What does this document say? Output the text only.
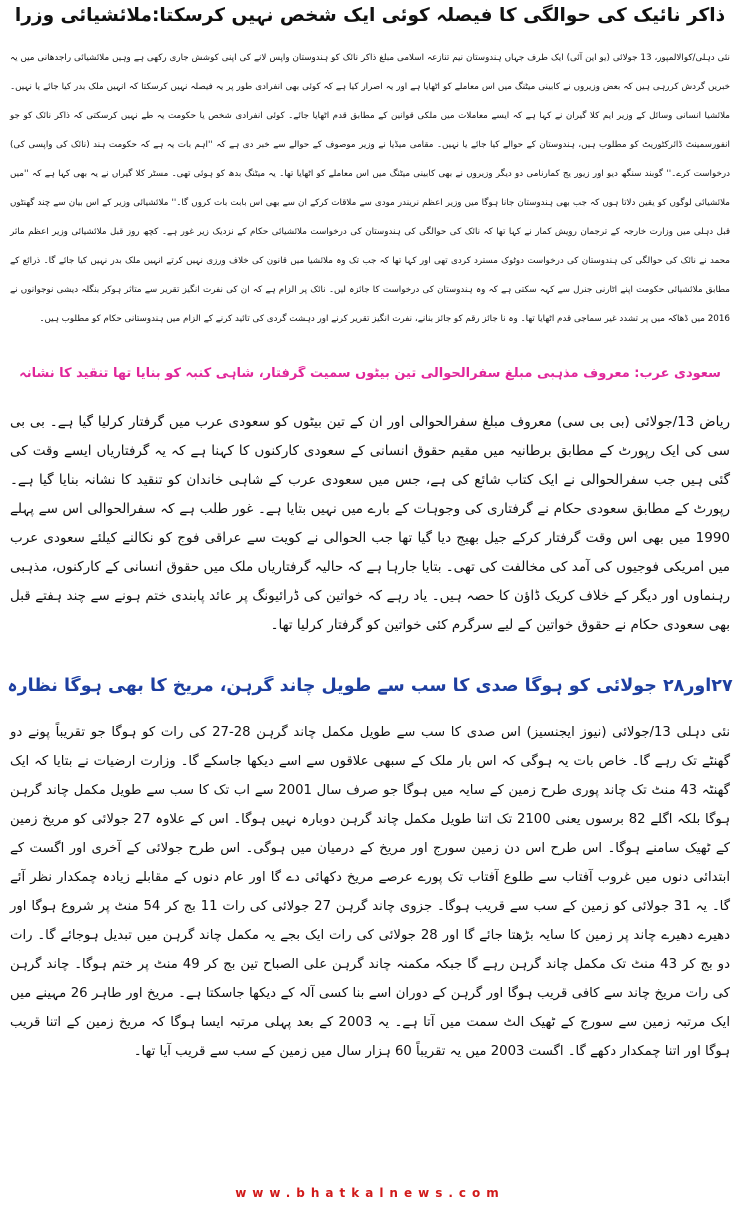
ذاکر نائیک کی حوالگی کا فیصلہ کوئی ایک شخص نہیں کرسکتا:ملائشیائی وزرا

نئی دہلی/کوالالمپور، 13 جولائی (یو این آئی) ایک طرف جہاں ہندوستان نیم تنازعہ اسلامی مبلغ ذاکر نائک کو ہندوستان واپس لانے کی اپنی کوشش جاری رکھی ہے وہیں ملائشیائی راجدھانی میں یہ خبریں گردش کررہی ہیں کہ بعض وزیروں نے کابینی میٹنگ میں اس معاملے کو اٹھایا ہے اور یہ اصرار کیا ہے کہ کوئی بھی انفرادی طور پر یہ فیصلہ نہیں کرسکتا کہ انہیں ملک بدر کیا جائے یا نہیں۔ ملائشیا انسانی وسائل کے وزیر ایم کلا گیران نے کہا ہے کہ ایسے معاملات میں ملکی قوانین کے مطابق قدم اٹھایا جائے۔ کوئی انفرادی شخص یا حکومت یہ طے نہیں کرسکتی کہ ذاکر نائک کو جو انفورسمینٹ ڈائرکٹوریٹ کو مطلوب ہیں، ہندوستان کے حوالے کیا جائے یا نہیں۔ مقامی میڈیا نے وزیر موصوف کے حوالے سے خبر دی ہے کہ ''اہم بات یہ ہے کہ حکومت ہند (نائک کی واپسی کی) درخواست کرے۔'' گوبند سنگھ دیو اور زیور یج کمارنامی دو دیگر وزیروں نے بھی کابینی میٹنگ میں اس معاملے کو اٹھایا تھا۔ یہ میٹنگ بدھ کو ہوئی تھی۔ مسٹر کلا گیراں نے یہ بھی کہا ہے کہ ''میں ملائشیائی لوگوں کو یقین دلاتا ہوں کہ جب بھی ہندوستان جانا ہوگا میں وزیر اعظم نریندر مودی سے ملاقات کرکے ان سے بھی اس بابت بات کروں گا۔'' ملائشیائی وزیر کے اس بیان سے چند گھنٹوں قبل دہلی میں وزارت خارجہ کے ترجمان رویش کمار نے کہا تھا کہ نائک کی حوالگی کی ہندوستان کی درخواست ملائشیائی حکام کے نزدیک زیر غور ہے۔ کچھ روز قبل ملائشیائی وزیر اعظم ماثر محمد نے نائک کی حوالگی کی ہندوستان کی درخواست دوٹوک مسترد کردی تھی اور کہا تھا کہ جب تک وہ ملائشیا میں قانون کی خلاف ورزی نہیں کرتے انہیں ملک بدر نہیں کیا جائے گا۔ ذرائع کے مطابق ملائشیائی حکومت اپنے اٹارنی جنرل سے کہہ سکتی ہے کہ وہ ہندوستان کی درخواست کا جائزہ لیں۔ نائک پر الزام ہے کہ ان کی نفرت انگیز تقریر سے متاثر ہوکر بنگلہ دیشی نوجوانوں نے 2016 میں ڈھاکہ میں پر تشدد غیر سماجی قدم اٹھایا تھا۔ وہ نا جائز رقم کو جائز بنانے، نفرت انگیز تقریر کرنے اور دہشت گردی کی تائید کرنے کے الزام میں ہندوستانی حکام کو مطلوب ہیں۔

سعودی عرب: معروف مذہبی مبلغ سفرالحوالی تین بیٹوں سمیت گرفتار، شاہی کنبہ کو بنایا تھا تنقید کا نشانہ

ریاض 13/جولائی (بی بی سی) معروف مبلغ سفرالحوالی اور ان کے تین بیٹوں کو سعودی عرب میں گرفتار کرلیا گیا ہے۔ بی بی سی کی ایک رپورٹ کے مطابق برطانیہ میں مقیم حقوق انسانی کے سعودی کارکنوں کا کہنا ہے کہ یہ گرفتاریاں ایسے وقت کی گئی ہیں جب سفرالحوالی نے ایک کتاب شائع کی ہے، جس میں سعودی عرب کے شاہی خاندان کو تنقید کا نشانہ بنایا گیا ہے۔ رپورٹ کے مطابق سعودی حکام نے گرفتاری کی وجوہات کے بارے میں نہیں بتایا ہے۔ غور طلب ہے کہ سفرالحوالی اس سے پہلے 1990 میں بھی اس وقت گرفتار کرکے جیل بھیج دیا گیا تھا جب الحوالی نے کویت سے عراقی فوج کو نکالنے کیلئے سعودی عرب میں امریکی فوجیوں کی آمد کی مخالفت کی تھی۔ بتایا جارہا ہے کہ حالیہ گرفتاریاں ملک میں حقوق انسانی کے کارکنوں، مذہبی رہنماوں اور دیگر کے خلاف کریک ڈاؤن کا حصہ ہیں۔ یاد رہے کہ خواتین کی ڈرائیونگ پر عائد پابندی ختم ہونے سے چند ہفتے قبل بھی سعودی حکام نے حقوق خواتین کے لیے سرگرم کئی خواتین کو گرفتار کرلیا تھا۔

۲۷اور۲۸ جولائی کو ہوگا صدی کا سب سے طویل چاند گرہن، مریخ کا بھی ہوگا نظارہ

نئی دہلی 13/جولائی (نیوز ایجنسیز) اس صدی کا سب سے طویل مکمل چاند گرہن 28-27 کی رات کو ہوگا جو تقریباً پونے دو گھنٹے تک رہے گا۔ خاص بات یہ ہوگی کہ اس بار ملک کے سبھی علاقوں سے اسے دیکھا جاسکے گا۔ وزارت ارضیات نے بتایا کہ ایک گھنٹہ 43 منٹ تک چاند پوری طرح زمین کے سایہ میں ہوگا جو صرف سال 2001 سے اب تک کا سب سے طویل مکمل چاند گرہن ہوگا بلکہ اگلے 82 برسوں یعنی 2100 تک اتنا طویل مکمل چاند گرہن دوبارہ نہیں ہوگا۔ اس کے علاوہ 27 جولائی کو مریخ زمین کے ٹھیک سامنے ہوگا۔ اس طرح اس دن زمین سورج اور مریخ کے درمیان میں ہوگی۔ اس طرح جولائی کے آخری اور اگست کے ابتدائی دنوں میں غروب آفتاب سے طلوع آفتاب تک پورے عرصے مریخ دکھائی دے گا اور عام دنوں کے مقابلے زیادہ چمکدار نظر آئے گا۔ یہ 31 جولائی کو زمین کے سب سے قریب ہوگا۔ جزوی چاند گرہن 27 جولائی کی رات 11 بج کر 54 منٹ پر شروع ہوگا اور دھیرے دھیرے چاند پر زمین کا سایہ بڑھتا جائے گا اور 28 جولائی کی رات ایک بجے یہ مکمل چاند گرہن میں تبدیل ہوجائے گا۔ رات دو بج کر 43 منٹ تک مکمل چاند گرہن رہے گا جبکہ مکمنہ چاند گرہن علی الصباح تین بج کر 49 منٹ پر ختم ہوگا۔ چاند گرہن کی رات مریخ چاند سے کافی قریب ہوگا اور گرہن کے دوران اسے بنا کسی آلہ کے دیکھا جاسکتا ہے۔ مریخ اور طاہر 26 مہینے میں ایک مرتبہ زمین سے سورج کے ٹھیک الٹ سمت میں آتا ہے۔ یہ 2003 کے بعد پہلی مرتبہ ایسا ہوگا کہ مریخ زمین کے اتنا قریب ہوگا اور اتنا چمکدار دکھے گا۔ اگست 2003 میں یہ تقریباً 60 ہزار سال میں زمین کے سب سے قریب آیا تھا۔

www.bhatkalnews.com
